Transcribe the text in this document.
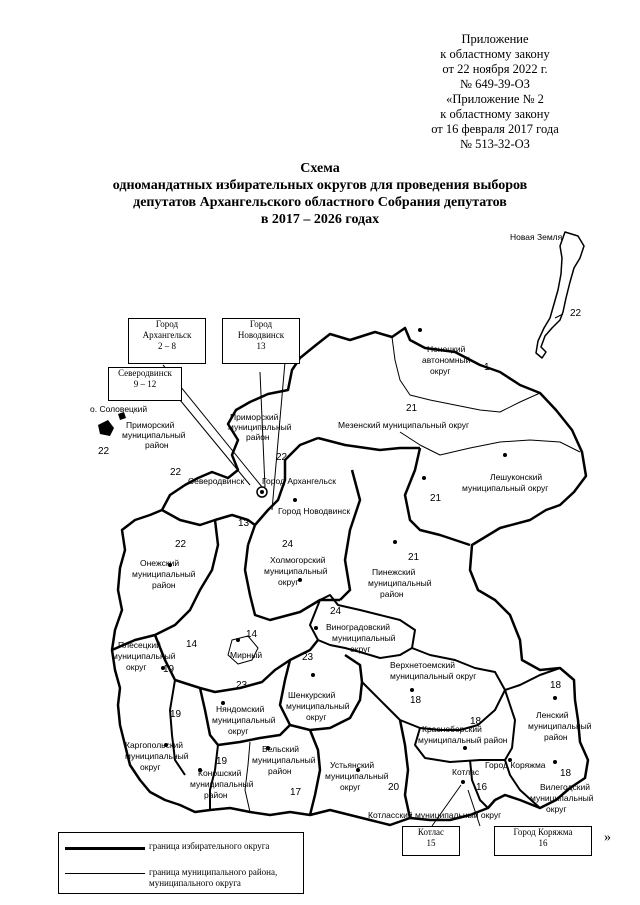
Приложение
к областному закону
от 22 ноября 2022 г.
№ 649-39-ОЗ
«Приложение № 2
к областному закону
от 16 февраля 2017 года
№ 513-32-ОЗ
Схема
одномандатных избирательных округов для проведения выборов
депутатов Архангельского областного Собрания депутатов
в 2017 – 2026 годах
Новая Земля
Ненецкий
автономный
округ
Мезенский муниципальный округ
Лешуконский
муниципальный округ
Приморский
муниципальный
район
Приморский
муниципальный
район
о. Соловецкий
Северодвинск Город Архангельск
Город Новодвинск
Холмогорский
муниципальный
округ
Онежский
муниципальный
район
Пинежский
муниципальный
район
Виноградовский
муниципальный
округ
Плесецкий
муниципальный
округ
Мирный
Верхнетоемский
муниципальный округ
Няндомский
муниципальный
округ
Шенкурский
муниципальный
округ	Ленский
муниципальный
район
Каргопольский
муниципальный
округ
Красноборский
муниципальный район
Вельский
муниципальный
район
Коношский
муниципальный
район
Устьянский
муниципальный
округ
Котлас
Город Коряжма
Вилегодский
муниципальный
округ
Котласский муниципальный округ
22
1
21
21
22
22
22
22
13
24
21
24
14
14
19
23
23
18
18
18
18
19
19
17	20	16
Город
Архангельск
2 – 8
Город
Новодвинск
13
Северодвинск
9 – 12
Котлас
15
Город Коряжма
16
граница избирательного округа
граница муниципального района, муниципального округа
»
